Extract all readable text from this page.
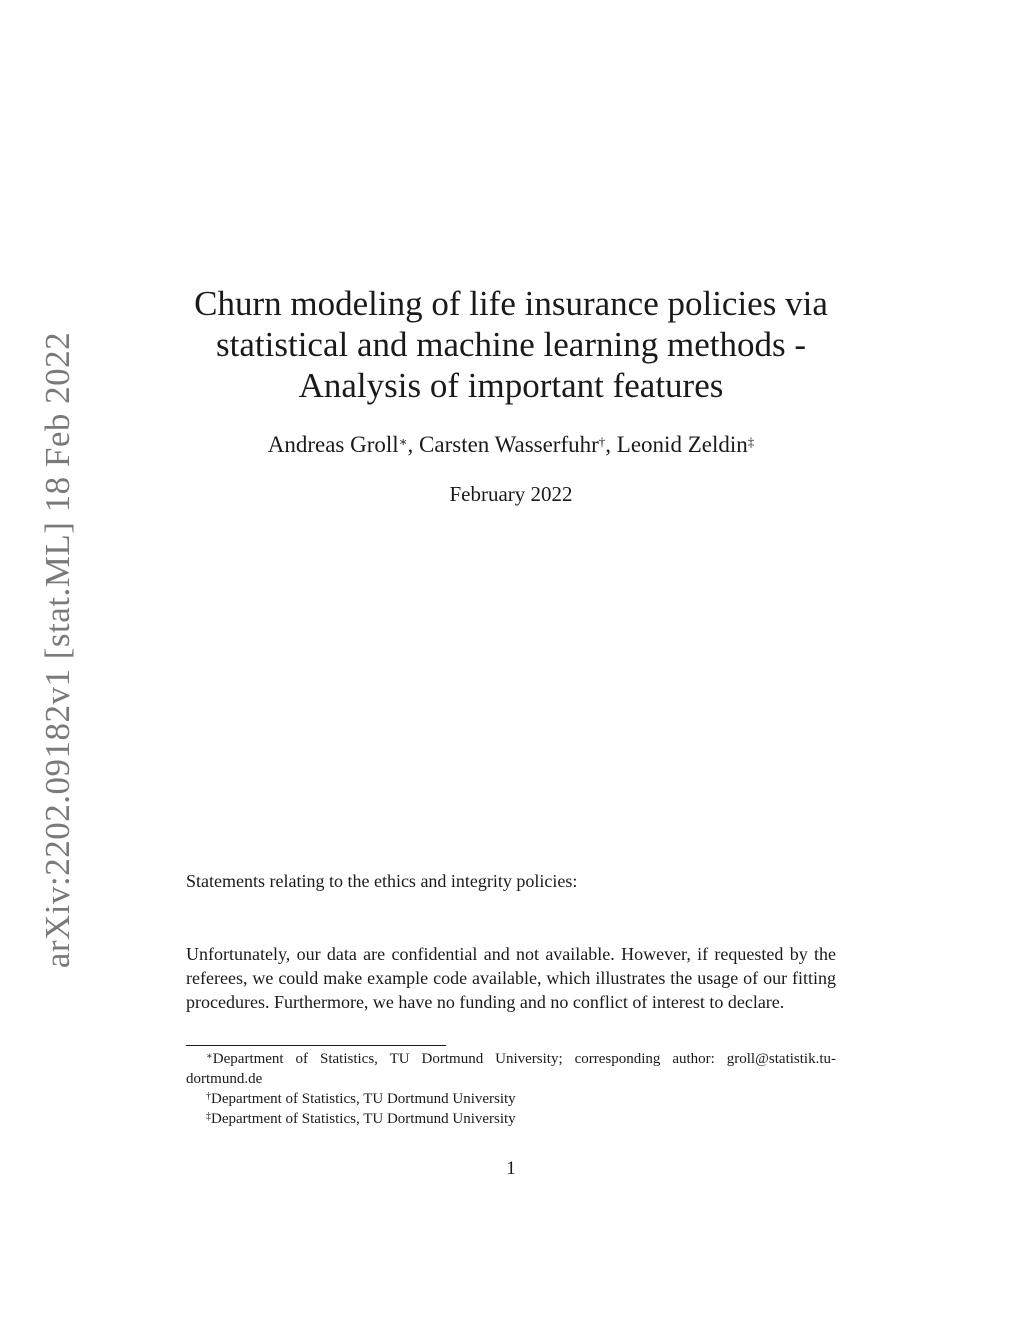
arXiv:2202.09182v1 [stat.ML] 18 Feb 2022
Churn modeling of life insurance policies via
statistical and machine learning methods -
Analysis of important features
Andreas Groll∗, Carsten Wasserfuhr†, Leonid Zeldin‡
February 2022
Statements relating to the ethics and integrity policies:
Unfortunately, our data are confidential and not available. However, if requested by the referees, we could make example code available, which illustrates the usage of our fitting procedures. Furthermore, we have no funding and no conflict of interest to declare.
∗Department of Statistics, TU Dortmund University; corresponding author: groll@statistik.tu-dortmund.de
†Department of Statistics, TU Dortmund University
‡Department of Statistics, TU Dortmund University
1
